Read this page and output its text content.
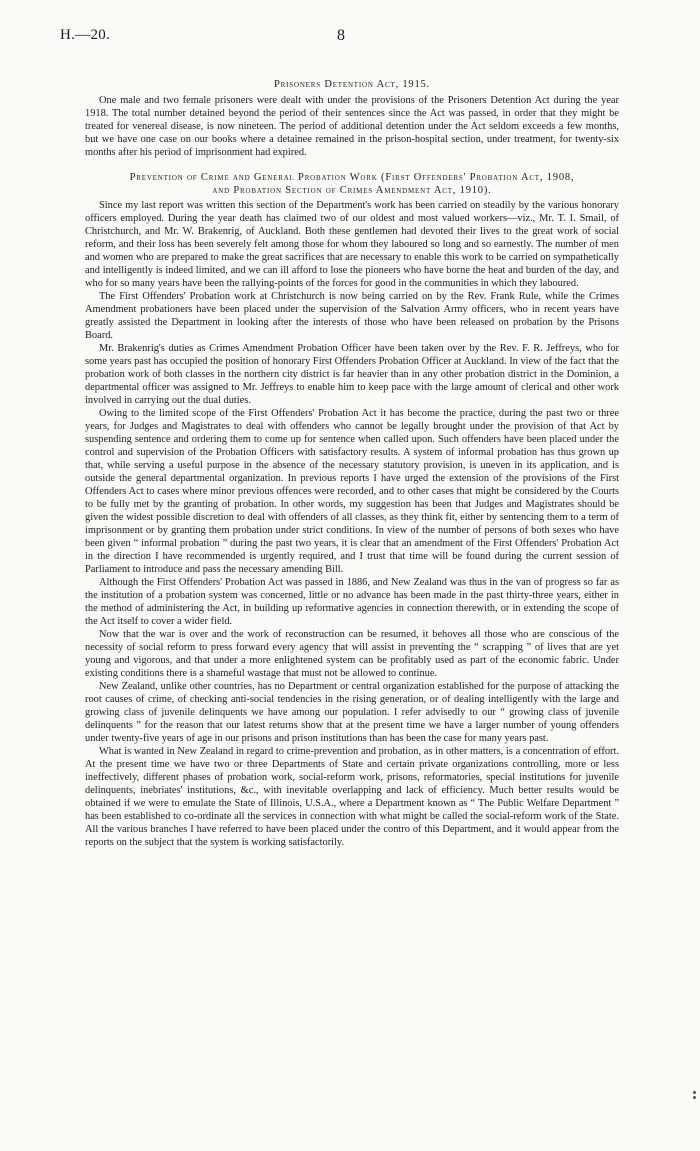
H.—20.	8
Prisoners Detention Act, 1915.

One male and two female prisoners were dealt with under the provisions of the Prisoners Detention Act during the year 1918. The total number detained beyond the period of their sentences since the Act was passed, in order that they might be treated for venereal disease, is now nineteen. The period of additional detention under the Act seldom exceeds a few months, but we have one case on our books where a detainee remained in the prison-hospital section, under treatment, for twenty-six months after his period of imprisonment had expired.

Prevention of Crime and General Probation Work (First Offenders' Probation Act, 1908,
and Probation Section of Crimes Amendment Act, 1910).

Since my last report was written this section of the Department's work has been carried on steadily by the various honorary officers employed. During the year death has claimed two of our oldest and most valued workers—viz., Mr. T. I. Smail, of Christchurch, and Mr. W. Brakenrig, of Auckland. Both these gentlemen had devoted their lives to the great work of social reform, and their loss has been severely felt among those for whom they laboured so long and so earnestly. The number of men and women who are prepared to make the great sacrifices that are necessary to enable this work to be carried on sympathetically and intelligently is indeed limited, and we can ill afford to lose the pioneers who have borne the heat and burden of the day, and who for so many years have been the rallying-points of the forces for good in the communities in which they laboured.

The First Offenders' Probation work at Christchurch is now being carried on by the Rev. Frank Rule, while the Crimes Amendment probationers have been placed under the supervision of the Salvation Army officers, who in recent years have greatly assisted the Department in looking after the interests of those who have been released on probation by the Prisons Board.

Mr. Brakenrig's duties as Crimes Amendment Probation Officer have been taken over by the Rev. F. R. Jeffreys, who for some years past has occupied the position of honorary First Offenders Probation Officer at Auckland. In view of the fact that the probation work of both classes in the northern city district is far heavier than in any other probation district in the Dominion, a departmental officer was assigned to Mr. Jeffreys to enable him to keep pace with the large amount of clerical and other work involved in carrying out the dual duties.

Owing to the limited scope of the First Offenders' Probation Act it has become the practice, during the past two or three years, for Judges and Magistrates to deal with offenders who cannot be legally brought under the provision of that Act by suspending sentence and ordering them to come up for sentence when called upon. Such offenders have been placed under the control and supervision of the Probation Officers with satisfactory results. A system of informal probation has thus grown up that, while serving a useful purpose in the absence of the necessary statutory provision, is uneven in its application, and is outside the general departmental organization. In previous reports I have urged the extension of the provisions of the First Offenders Act to cases where minor previous offences were recorded, and to other cases that might be considered by the Courts to be fully met by the granting of probation. In other words, my suggestion has been that Judges and Magistrates should be given the widest possible discretion to deal with offenders of all classes, as they think fit, either by sentencing them to a term of imprisonment or by granting them probation under strict conditions. In view of the number of persons of both sexes who have been given “ informal probation ” during the past two years, it is clear that an amendment of the First Offenders' Probation Act in the direction I have recommended is urgently required, and I trust that time will be found during the current session of Parliament to introduce and pass the necessary amending Bill.

Although the First Offenders' Probation Act was passed in 1886, and New Zealand was thus in the van of progress so far as the institution of a probation system was concerned, little or no advance has been made in the past thirty-three years, either in the method of administering the Act, in building up reformative agencies in connection therewith, or in extending the scope of the Act itself to cover a wider field.

Now that the war is over and the work of reconstruction can be resumed, it behoves all those who are conscious of the necessity of social reform to press forward every agency that will assist in preventing the “ scrapping ” of lives that are yet young and vigorous, and that under a more enlightened system can be profitably used as part of the economic fabric. Under existing conditions there is a shameful wastage that must not be allowed to continue.

New Zealand, unlike other countries, has no Department or central organization established for the purpose of attacking the root causes of crime, of checking anti-social tendencies in the rising generation, or of dealing intelligently with the large and growing class of juvenile delinquents we have among our population. I refer advisedly to our “ growing class of juvenile delinquents ” for the reason that our latest returns show that at the present time we have a larger number of young offenders under twenty-five years of age in our prisons and prison institutions than has been the case for many years past.

What is wanted in New Zealand in regard to crime-prevention and probation, as in other matters, is a concentration of effort. At the present time we have two or three Departments of State and certain private organizations controlling, more or less ineffectively, different phases of probation work, social-reform work, prisons, reformatories, special institutions for juvenile delinquents, inebriates' institutions, &c., with inevitable overlapping and lack of efficiency. Much better results would be obtained if we were to emulate the State of Illinois, U.S.A., where a Department known as “ The Public Welfare Department ” has been established to co-ordinate all the services in connection with what might be called the social-reform work of the State. All the various branches I have referred to have been placed under the contro of this Department, and it would appear from the reports on the subject that the system is working satisfactorily.
